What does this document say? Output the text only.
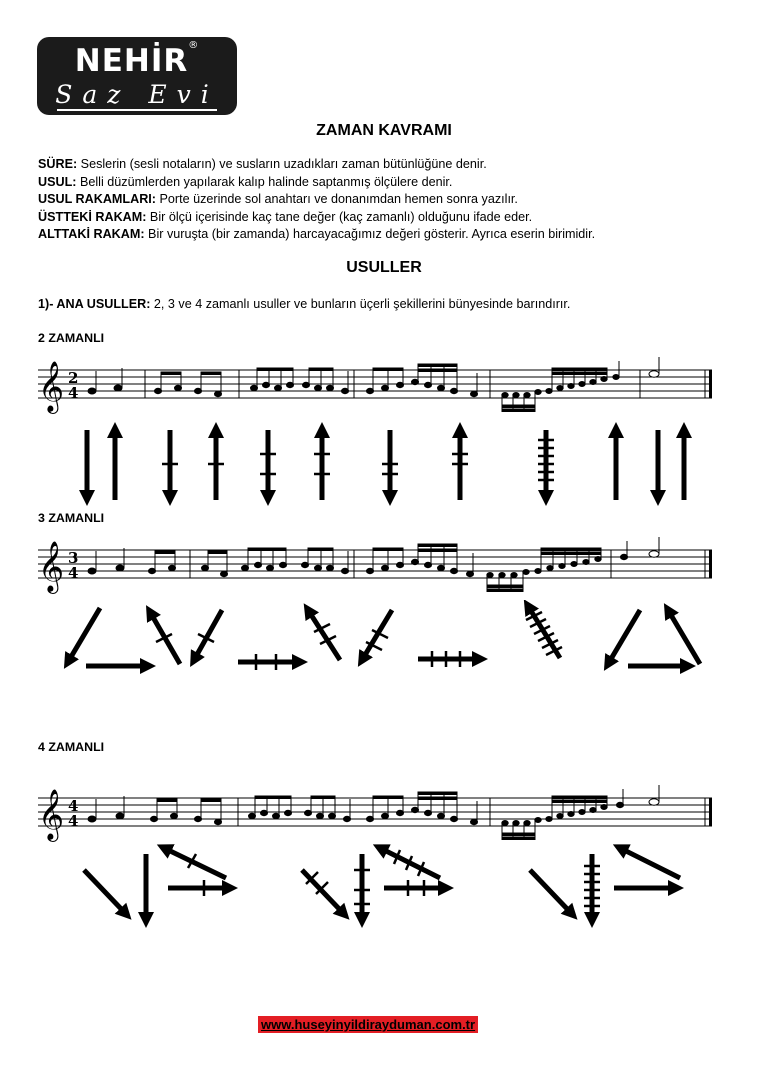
NEHİR®
Saz Evi
ZAMAN KAVRAMI
SÜRE: Seslerin (sesli notaların) ve susların uzadıkları zaman bütünlüğüne denir.
USUL: Belli düzümlerden yapılarak kalıp halinde saptanmış ölçülere denir.
USUL RAKAMLARI: Porte üzerinde sol anahtarı ve donanımdan hemen sonra yazılır.
ÜSTTEKİ RAKAM: Bir ölçü içerisinde kaç tane değer (kaç zamanlı) olduğunu ifade eder.
ALTTAKİ RAKAM: Bir vuruşta (bir zamanda) harcayacağımız değeri gösterir. Ayrıca eserin birimidir.
USULLER
1)- ANA USULLER: 2, 3 ve 4 zamanlı usuller ve bunların üçerli şekillerini bünyesinde barındırır.
2 ZAMANLI
3 ZAMANLI
4 ZAMANLI
𝄞 2
4
𝄞 3
4
𝄞 4
4
www.huseyinyildirayduman.com.tr
